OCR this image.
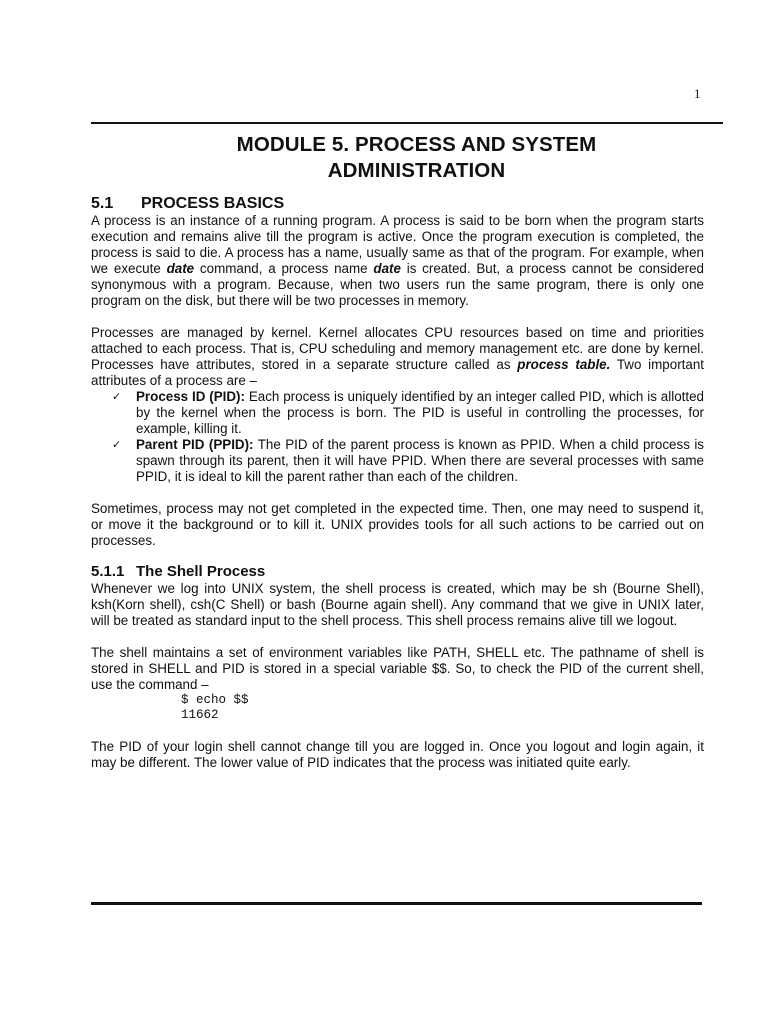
1
MODULE 5. PROCESS AND SYSTEM
ADMINISTRATION
5.1 PROCESS BASICS

A process is an instance of a running program. A process is said to be born when the program starts execution and remains alive till the program is active. Once the program execution is completed, the process is said to die. A process has a name, usually same as that of the program. For example, when we execute date command, a process name date is created. But, a process cannot be considered synonymous with a program. Because, when two users run the same program, there is only one program on the disk, but there will be two processes in memory.

Processes are managed by kernel. Kernel allocates CPU resources based on time and priorities attached to each process. That is, CPU scheduling and memory management etc. are done by kernel. Processes have attributes, stored in a separate structure called as process table. Two important attributes of a process are –

✓ Process ID (PID): Each process is uniquely identified by an integer called PID, which is allotted by the kernel when the process is born. The PID is useful in controlling the processes, for example, killing it.
✓ Parent PID (PPID): The PID of the parent process is known as PPID. When a child process is spawn through its parent, then it will have PPID. When there are several processes with same PPID, it is ideal to kill the parent rather than each of the children.

Sometimes, process may not get completed in the expected time. Then, one may need to suspend it, or move it the background or to kill it. UNIX provides tools for all such actions to be carried out on processes.

5.1.1 The Shell Process

Whenever we log into UNIX system, the shell process is created, which may be sh (Bourne Shell), ksh(Korn shell), csh(C Shell) or bash (Bourne again shell). Any command that we give in UNIX later, will be treated as standard input to the shell process. This shell process remains alive till we logout.

The shell maintains a set of environment variables like PATH, SHELL etc. The pathname of shell is stored in SHELL and PID is stored in a special variable $$. So, to check the PID of the current shell, use the command –

$ echo $$
11662

The PID of your login shell cannot change till you are logged in. Once you logout and login again, it may be different. The lower value of PID indicates that the process was initiated quite early.
